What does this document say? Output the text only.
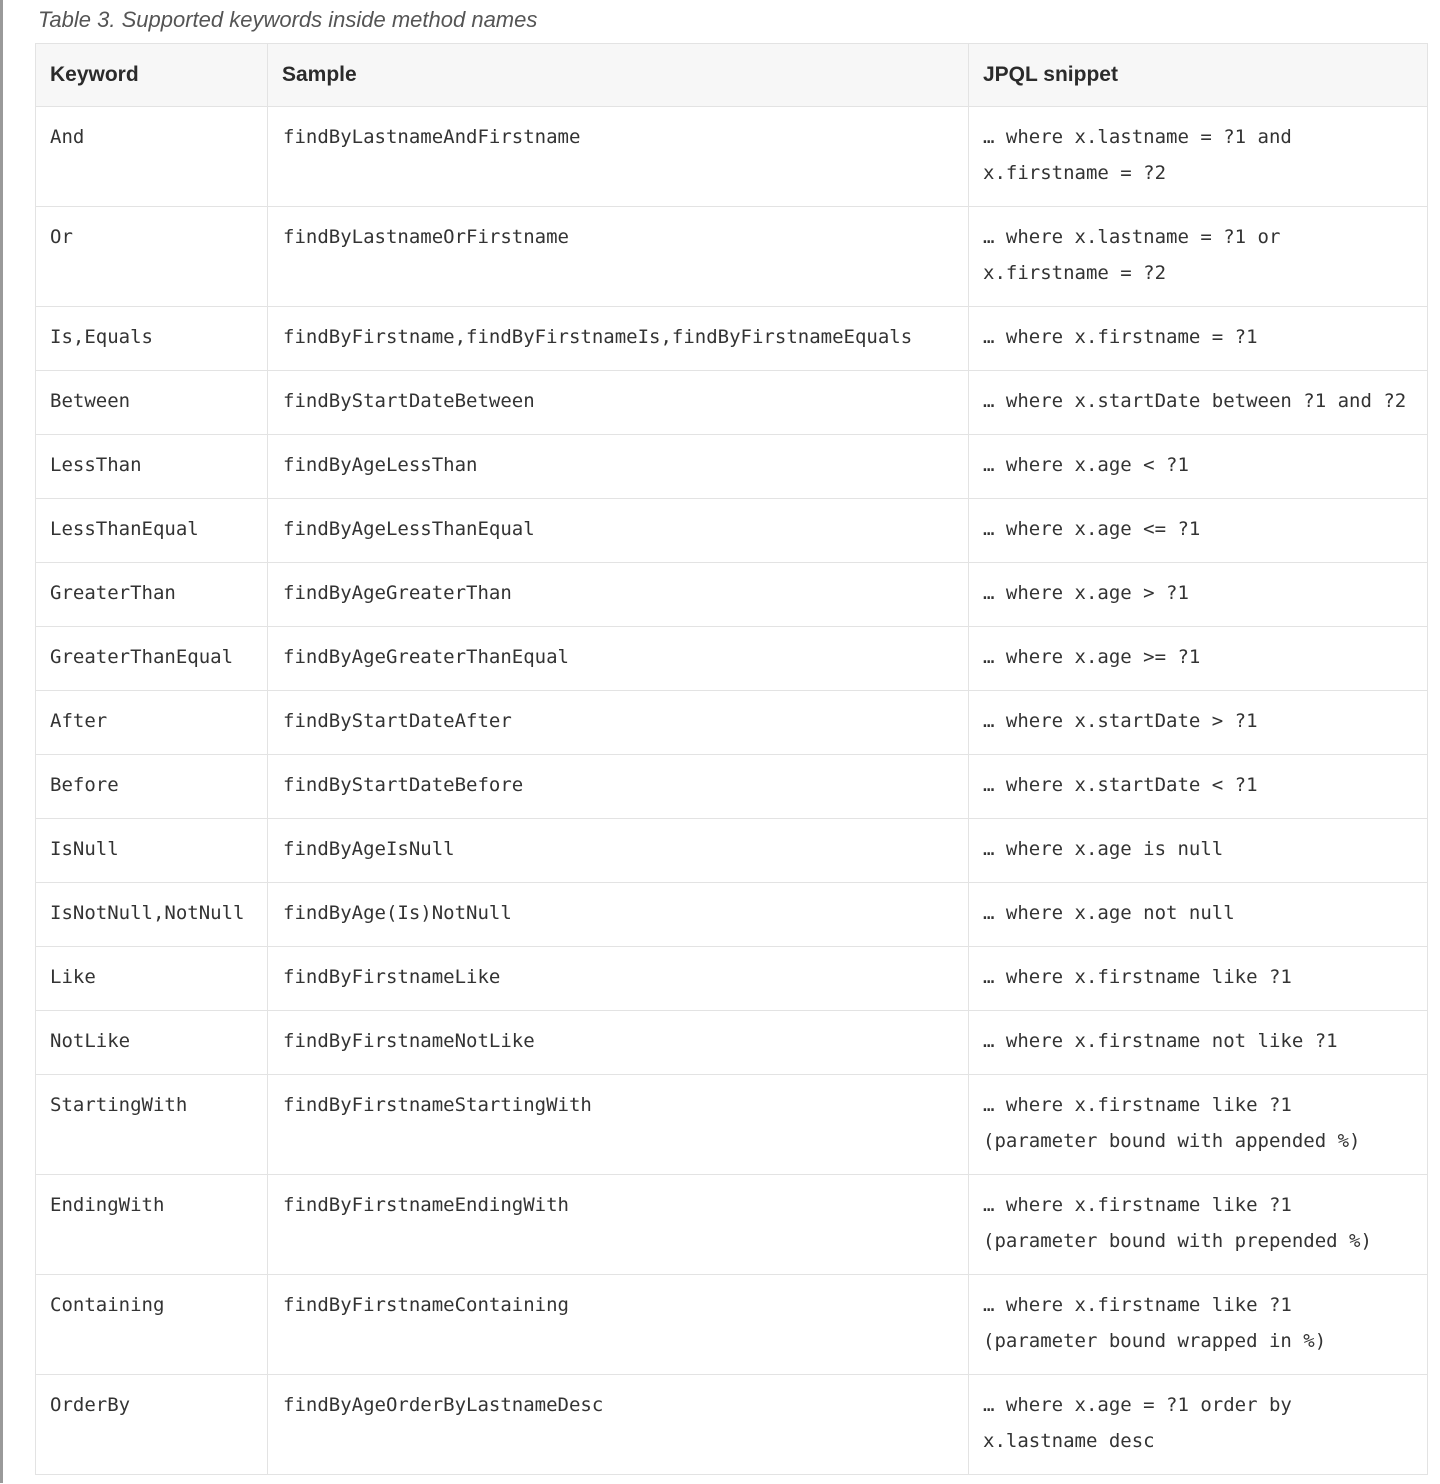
Table 3. Supported keywords inside method names
Keyword	Sample	JPQL snippet
And	findByLastnameAndFirstname	… where x.lastname = ?1 and x.firstname = ?2
Or	findByLastnameOrFirstname	… where x.lastname = ?1 or x.firstname = ?2
Is,Equals	findByFirstname,findByFirstnameIs,findByFirstnameEquals	… where x.firstname = ?1
Between	findByStartDateBetween	… where x.startDate between ?1 and ?2
LessThan	findByAgeLessThan	… where x.age < ?1
LessThanEqual	findByAgeLessThanEqual	… where x.age <= ?1
GreaterThan	findByAgeGreaterThan	… where x.age > ?1
GreaterThanEqual	findByAgeGreaterThanEqual	… where x.age >= ?1
After	findByStartDateAfter	… where x.startDate > ?1
Before	findByStartDateBefore	… where x.startDate < ?1
IsNull	findByAgeIsNull	… where x.age is null
IsNotNull,NotNull	findByAge(Is)NotNull	… where x.age not null
Like	findByFirstnameLike	… where x.firstname like ?1
NotLike	findByFirstnameNotLike	… where x.firstname not like ?1
StartingWith	findByFirstnameStartingWith	… where x.firstname like ?1 (parameter bound with appended %)
EndingWith	findByFirstnameEndingWith	… where x.firstname like ?1 (parameter bound with prepended %)
Containing	findByFirstnameContaining	… where x.firstname like ?1 (parameter bound wrapped in %)
OrderBy	findByAgeOrderByLastnameDesc	… where x.age = ?1 order by x.lastname desc
